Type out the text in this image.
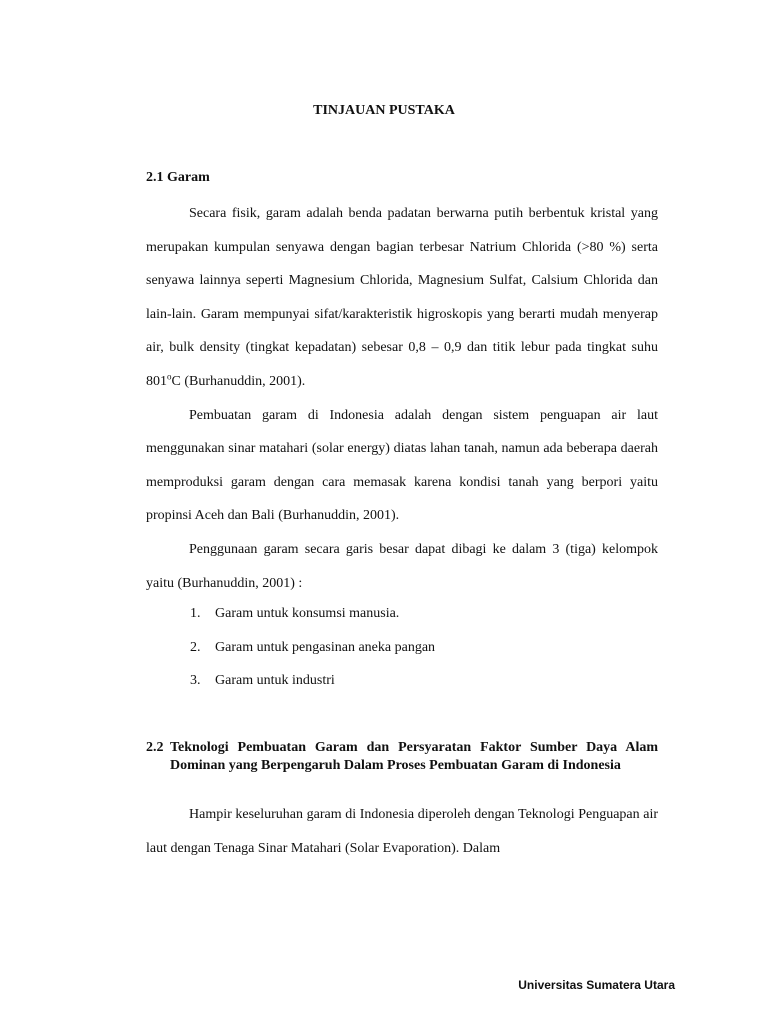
TINJAUAN PUSTAKA
2.1 Garam

Secara fisik, garam adalah benda padatan berwarna putih berbentuk kristal yang merupakan kumpulan senyawa dengan bagian terbesar Natrium Chlorida (>80 %) serta senyawa lainnya seperti Magnesium Chlorida, Magnesium Sulfat, Calsium Chlorida dan lain-lain. Garam mempunyai sifat/karakteristik higroskopis yang berarti mudah menyerap air, bulk density (tingkat kepadatan) sebesar 0,8 – 0,9 dan titik lebur pada tingkat suhu 801$^o$C (Burhanuddin, 2001).

Pembuatan garam di Indonesia adalah dengan sistem penguapan air laut menggunakan sinar matahari (solar energy) diatas lahan tanah, namun ada beberapa daerah memproduksi garam dengan cara memasak karena kondisi tanah yang berpori yaitu propinsi Aceh dan Bali (Burhanuddin, 2001).

Penggunaan garam secara garis besar dapat dibagi ke dalam 3 (tiga) kelompok yaitu (Burhanuddin, 2001) :

1.	Garam untuk konsumsi manusia.
2.	Garam untuk pengasinan aneka pangan
3.	Garam untuk industri
2.2 Teknologi Pembuatan Garam dan Persyaratan Faktor Sumber Daya Alam Dominan yang Berpengaruh Dalam Proses Pembuatan Garam di Indonesia

Hampir keseluruhan garam di Indonesia diperoleh dengan Teknologi Penguapan air laut dengan Tenaga Sinar Matahari (Solar Evaporation). Dalam

Universitas Sumatera Utara
